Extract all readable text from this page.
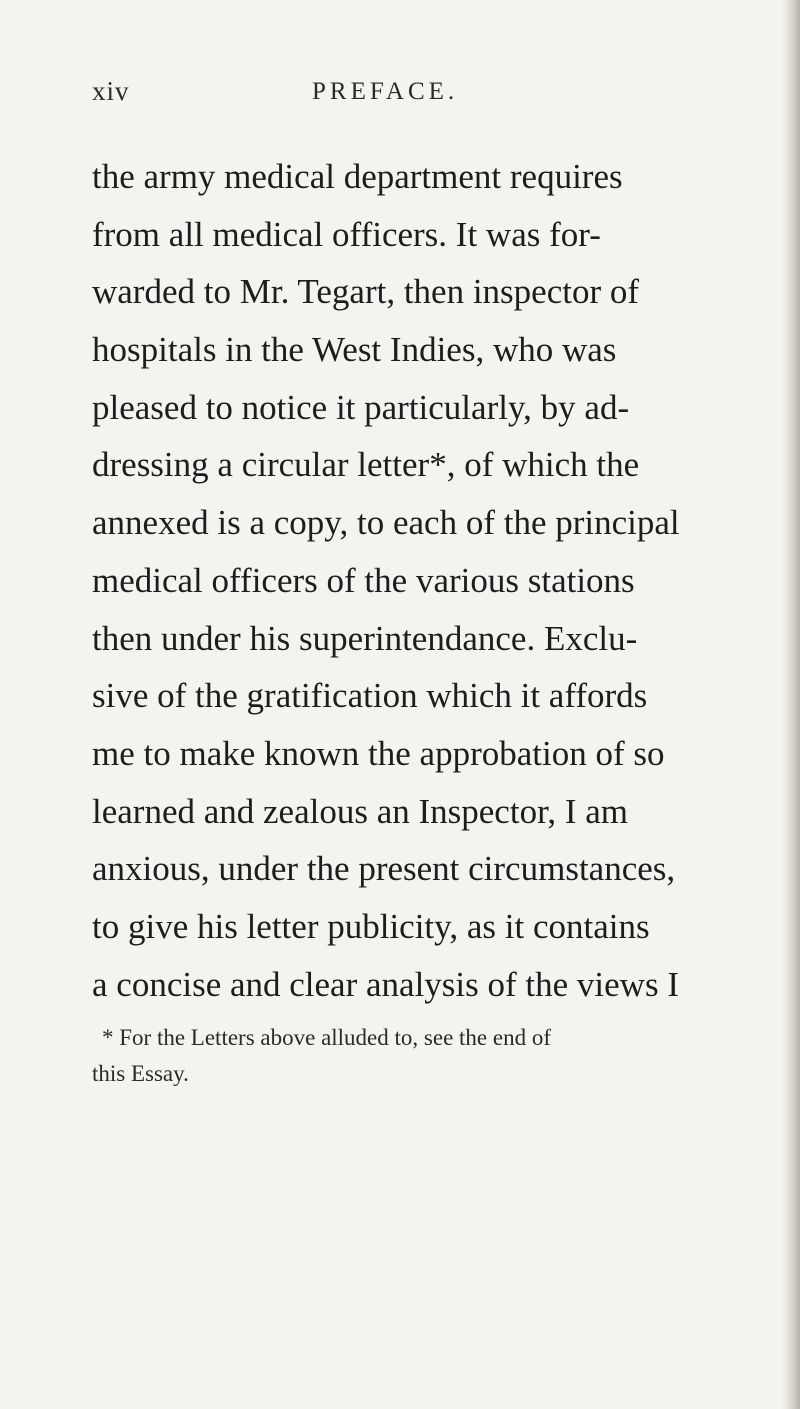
xiv	PREFACE.
the army medical department requires
from all medical officers. It was for-
warded to Mr. Tegart, then inspector of
hospitals in the West Indies, who was
pleased to notice it particularly, by ad-
dressing a circular letter*, of which the
annexed is a copy, to each of the principal
medical officers of the various stations
then under his superintendance. Exclu-
sive of the gratification which it affords
me to make known the approbation of so
learned and zealous an Inspector, I am
anxious, under the present circumstances,
to give his letter publicity, as it contains
a concise and clear analysis of the views I
* For the Letters above alluded to, see the end of
this Essay.
